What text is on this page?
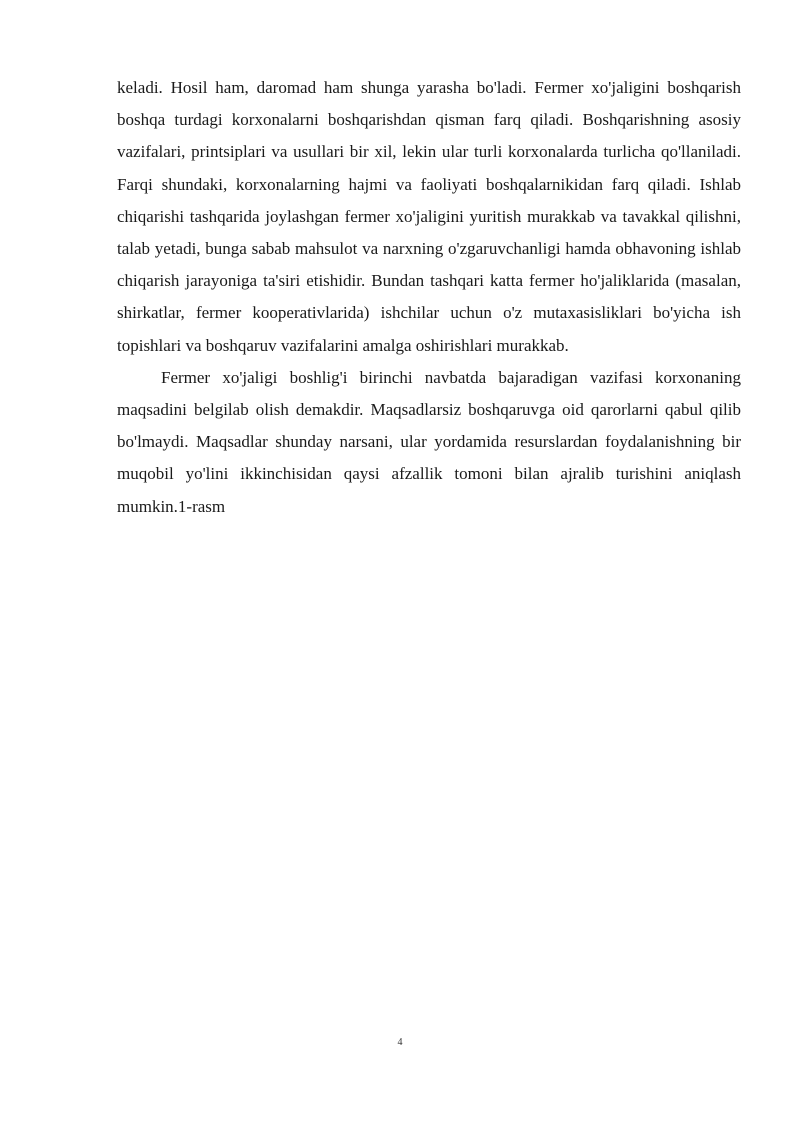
keladi. Hosil ham, daromad ham shunga yarasha bo'ladi. Fermer xo'jaligini boshqarish boshqa turdagi korxonalarni boshqarishdan qisman farq qiladi. Boshqarishning asosiy vazifalari, printsiplari va usullari bir xil, lekin ular turli korxonalarda turlicha qo'llaniladi. Farqi shundaki, korxonalarning hajmi va faoliyati boshqalarnikidan farq qiladi. Ishlab chiqarishi tashqarida joylashgan fermer xo'jaligini yuritish murakkab va tavakkal qilishni, talab yetadi, bunga sabab mahsulot va narxning o'zgaruvchanligi hamda obhavoning ishlab chiqarish jarayoniga ta'siri etishidir. Bundan tashqari katta fermer ho'jaliklarida (masalan, shirkatlar, fermer kooperativlarida) ishchilar uchun o'z mutaxasisliklari bo'yicha ish topishlari va boshqaruv vazifalarini amalga oshirishlari murakkab.

Fermer xo'jaligi boshlig'i birinchi navbatda bajaradigan vazifasi korxonaning maqsadini belgilab olish demakdir. Maqsadlarsiz boshqaruvga oid qarorlarni qabul qilib bo'lmaydi. Maqsadlar shunday narsani, ular yordamida resurslardan foydalanishning bir muqobil yo'lini ikkinchisidan qaysi afzallik tomoni bilan ajralib turishini aniqlash mumkin.1-rasm

4
